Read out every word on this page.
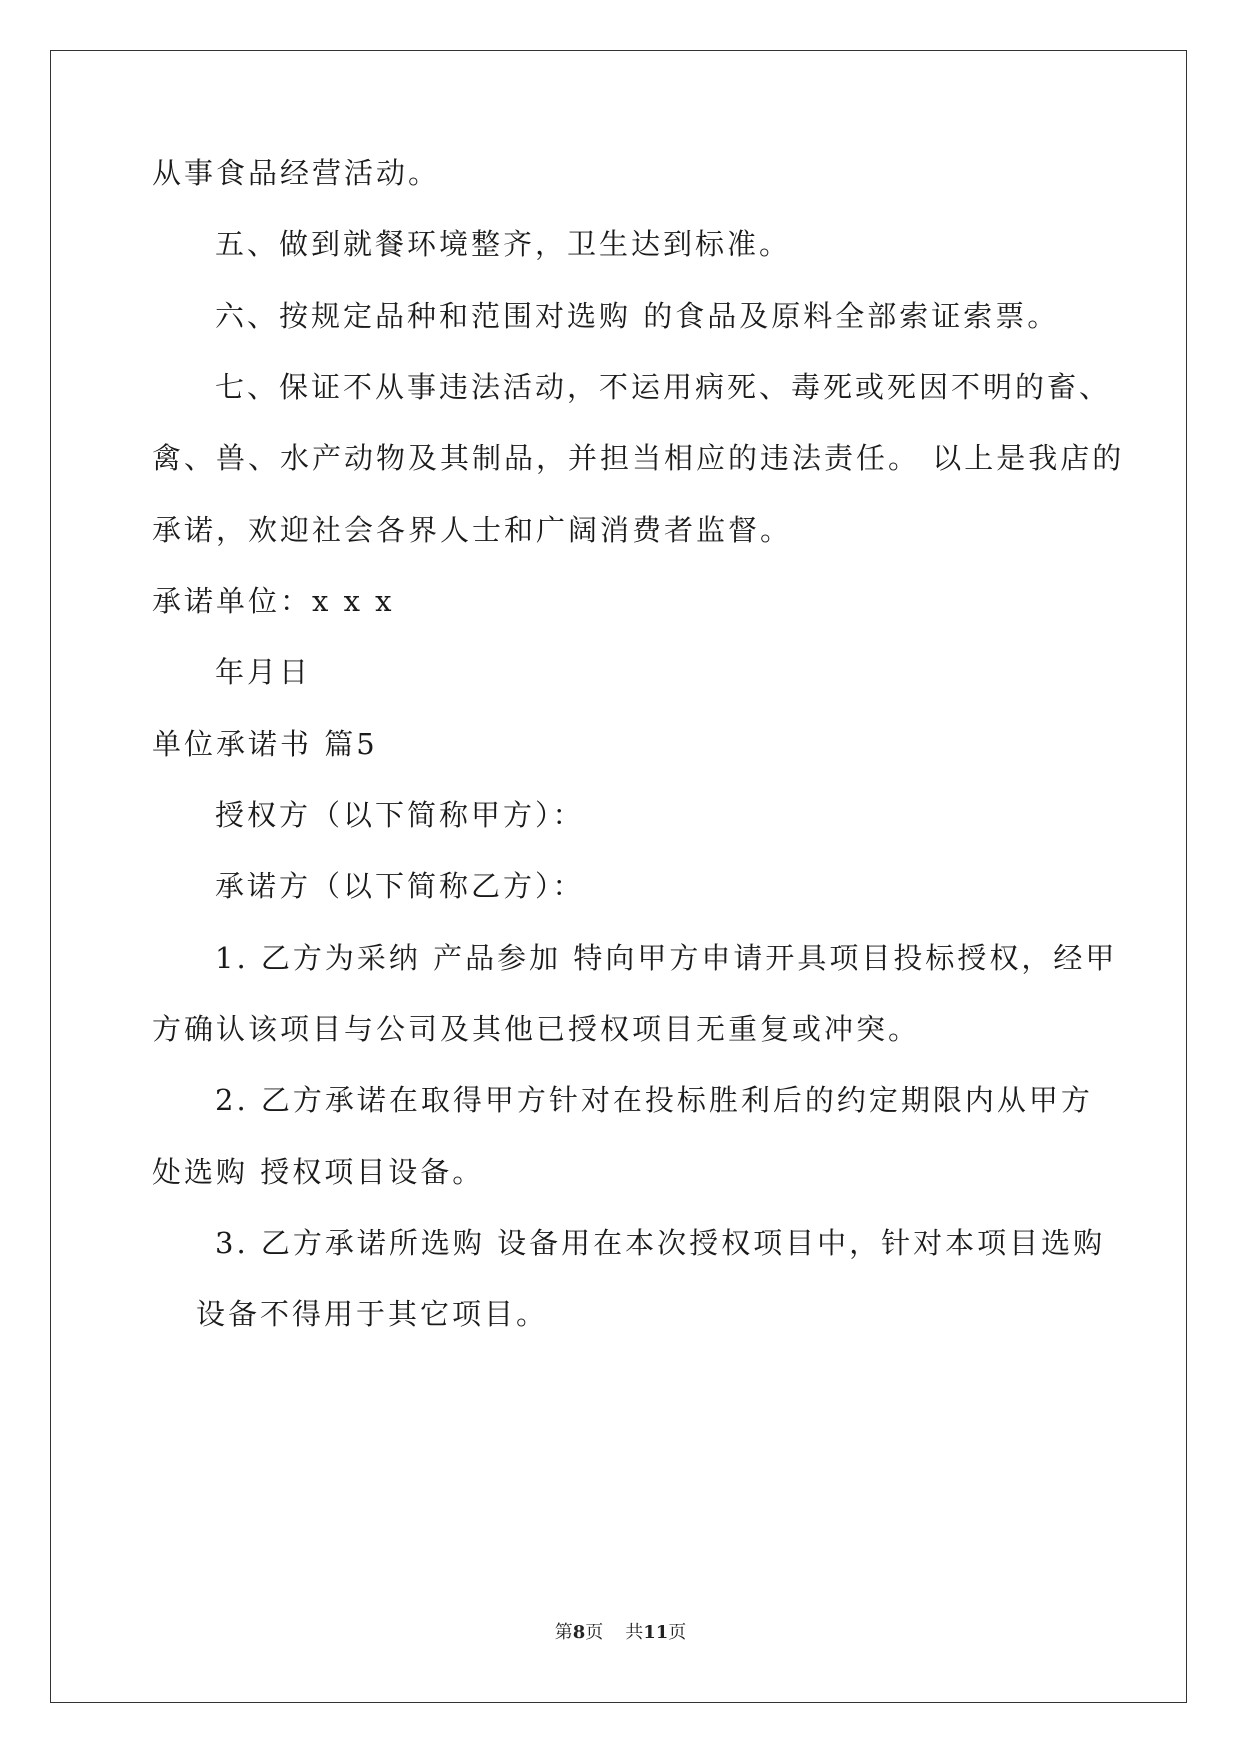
从事食品经营活动。

五、做到就餐环境整齐，卫生达到标准。

六、按规定品种和范围对选购 的食品及原料全部索证索票。

七、保证不从事违法活动，不运用病死、毒死或死因不明的畜、

禽、兽、水产动物及其制品，并担当相应的违法责任。 以上是我店的

承诺，欢迎社会各界人士和广阔消费者监督。

承诺单位：x x x

年月日

单位承诺书 篇5

授权方（以下简称甲方）：

承诺方（以下简称乙方）：

1. 乙方为采纳 产品参加 特向甲方申请开具项目投标授权，经甲

方确认该项目与公司及其他已授权项目无重复或冲突。

2. 乙方承诺在取得甲方针对在投标胜利后的约定期限内从甲方

处选购 授权项目设备。

3. 乙方承诺所选购 设备用在本次授权项目中，针对本项目选购

设备不得用于其它项目。

第8页 共11页
